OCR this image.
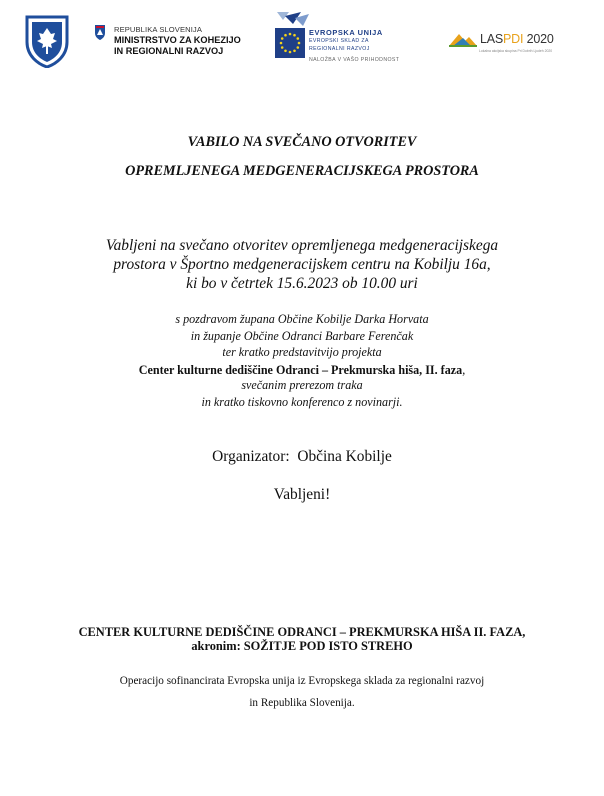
REPUBLIKA SLOVENIJA
MINISTRSTVO ZA KOHEZIJO
IN REGIONALNI RAZVOJ
EVROPSKA UNIJA
EVROPSKI SKLAD ZA
REGIONALNI RAZVOJ
NALOŽBA V VAŠO PRIHODNOST
LASPDI 2020
Lokalna akcijska skupina Pri Dobrih Ljudeh 2020
VABILO NA SVEČANO OTVORITEV
OPREMLJENEGA MEDGENERACIJSKEGA PROSTORA
Vabljeni na svečano otvoritev opremljenega medgeneracijskega
prostora v Športno medgeneracijskem centru na Kobilju 16a,
ki bo v četrtek 15.6.2023 ob 10.00 uri
s pozdravom župana Občine Kobilje Darka Horvata
in županje Občine Odranci Barbare Ferenčak
ter kratko predstavitvijo projekta
Center kulturne dediščine Odranci – Prekmurska hiša, II. faza,
svečanim prerezom traka
in kratko tiskovno konferenco z novinarji.
Organizator: Občina Kobilje
Vabljeni!
CENTER KULTURNE DEDIŠČINE ODRANCI – PREKMURSKA HIŠA II. FAZA,
akronim: SOŽITJE POD ISTO STREHO
Operacijo sofinancirata Evropska unija iz Evropskega sklada za regionalni razvoj
in Republika Slovenija.
